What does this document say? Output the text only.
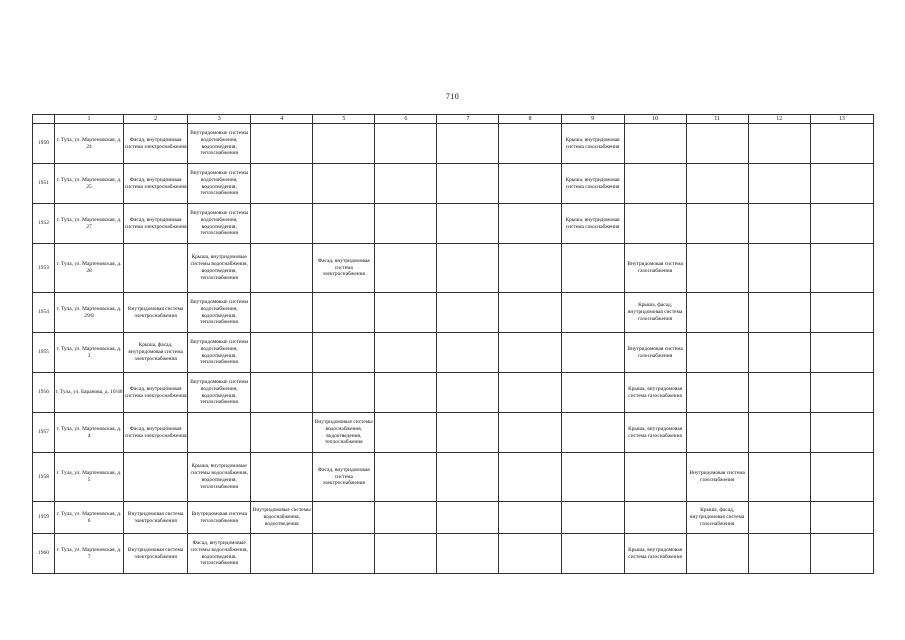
710
	1	2	3	4	5	6	7	8	9	10	11	12	13
1950	г. Тула, ул. Мартеновская, д. 24	Фасад, внутридомовая система электроснабжения	Внутридомовые системы водоснабжения, водоотведения, теплоснабжения						Крыша, внутридомовая система газоснабжения				
1951	г. Тула, ул. Мартеновская, д. 25	Фасад, внутридомовая система электроснабжения	Внутридомовые системы водоснабжения, водоотведения, теплоснабжения						Крыша, внутридомовая система газоснабжения				
1952	г. Тула, ул. Мартеновская, д. 27	Фасад, внутридомовая система электроснабжения	Внутридомовые системы водоснабжения, водоотведения, теплоснабжения						Крыша, внутридомовая система газоснабжения				
1953	г. Тула, ул. Мартеновская, д. 28		Крыша, внутридомовые системы водоснабжения, водоотведения, теплоснабжения		Фасад, внутридомовая система электроснабжения					Внутридомовая система газоснабжения			
1954	г. Тула, ул. Мартеновская, д. 29/8	Внутридомовая система электроснабжения	Внутридомовые системы водоснабжения, водоотведения, теплоснабжения							Крыша, фасад, внутридомовая система газоснабжения			
1955	г. Тула, ул. Мартеновская, д. 3	Крыша, фасад, внутридомовая система электроснабжения	Внутридомовые системы водоснабжения, водоотведения, теплоснабжения							Внутридомовая система газоснабжения			
1956	г. Тула, ул. Баранова, д. 10/40	Фасад, внутридомовая система электроснабжения	Внутридомовые системы водоснабжения, водоотведения, теплоснабжения							Крыша, внутридомовая система газоснабжения			
1957	г. Тула, ул. Мартеновская, д. 4	Фасад, внутридомовая система электроснабжения			Внутридомовые системы водоснабжения, водоотведения, теплоснабжения					Крыша, внутридомовая система газоснабжения			
1958	г. Тула, ул. Мартеновская, д. 5		Крыша, внутридомовые системы водоснабжения, водоотведения, теплоснабжения		Фасад, внутридомовая система электроснабжения						Внутридомовая система газоснабжения		
1959	г. Тула, ул. Мартеновская, д. 6	Внутридомовая система электроснабжения	Внутридомовая система теплоснабжения	Внутридомовые системы водоснабжения, водоотведения							Крыша, фасад, внутридомовая система газоснабжения		
1960	г. Тула, ул. Мартеновская, д. 7	Внутридомовая система электроснабжения	Фасад, внутридомовые системы водоснабжения, водоотведения, теплоснабжения							Крыша, внутридомовая система газоснабжения			
